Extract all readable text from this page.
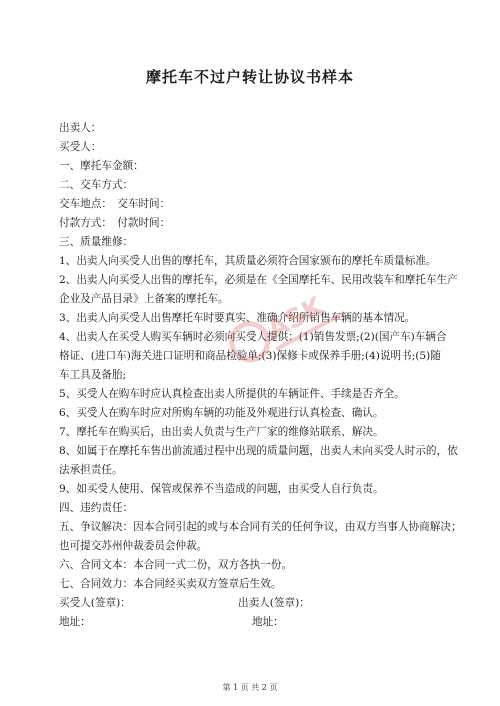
摩托车不过户转让协议书样本
出卖人：
买受人：
一、摩托车金额：
二、交车方式：
交车地点：　交车时间：
付款方式：　付款时间：
三、质量维修：
1、出卖人向买受人出售的摩托车，其质量必须符合国家颁布的摩托车质量标准。
2、出卖人向买受人出售的摩托车，必须是在《全国摩托车、民用改装车和摩托车生产
企业及产品目录》上备案的摩托车。
3、出卖人向买受人出售摩托车时要真实、准确介绍所销售车辆的基本情况。
4、出卖人在买受人购买车辆时必须向买受人提供：(1)销售发票;(2)(国产车)车辆合
格证、(进口车)海关进口证明和商品检验单;(3)保修卡或保养手册;(4)说明书;(5)随
车工具及备胎;
5、买受人在购车时应认真检查出卖人所提供的车辆证件、手续是否齐全。
6、买受人在购车时应对所购车辆的功能及外观进行认真检查、确认。
7、摩托车在购买后，由出卖人负责与生产厂家的维修站联系、解决。
8、如属于在摩托车售出前流通过程中出现的质量问题，出卖人未向买受人时示的，依
法承担责任。
9、如买受人使用、保管或保养不当造成的问题，由买受人自行负责。
四、违约责任：
五、争议解决：因本合同引起的或与本合同有关的任何争议，由双方当事人协商解决；
也可提交苏州仲裁委员会仲裁。
六、合同文本：本合同一式二份，双方各执一份。
七、合同效力：本合同经买卖双方签章后生效。
买受人(签章)：	出卖人(签章)：
地址：	地址：
第 1 页 共 2 页
ASK
